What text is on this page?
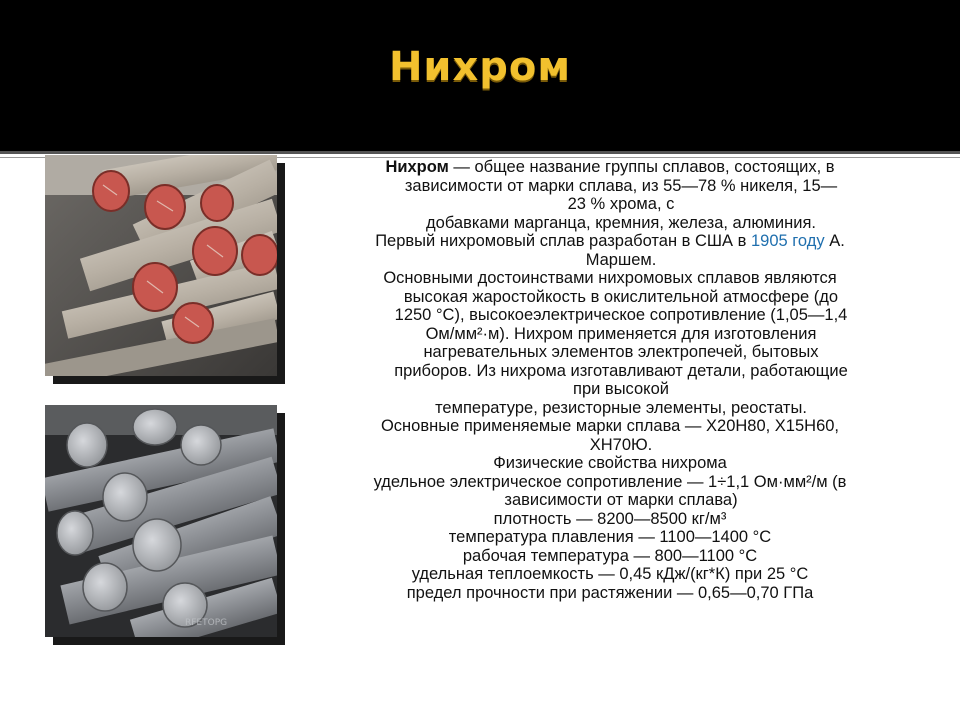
Нихром
RFETOPG

Нихром — общее название группы сплавов, состоящих, в

зависимости от марки сплава, из 55—78 % никеля, 15—

23 % хрома, с

добавками марганца, кремния, железа, алюминия.

Первый нихромовый сплав разработан в США в 1905 году А.

Маршем.

Основными достоинствами нихромовых сплавов являются

высокая жаростойкость в окислительной атмосфере (до

1250 °С), высокоеэлектрическое сопротивление (1,05—1,4

Ом/мм²·м). Нихром применяется для изготовления

нагревательных элементов электропечей, бытовых

приборов. Из нихрома изготавливают детали, работающие

при высокой

температуре, резисторные элементы, реостаты.

Основные применяемые марки сплава — Х20Н80, Х15Н60,

ХН70Ю.

Физические свойства нихрома

удельное электрическое сопротивление — 1÷1,1 Ом·мм²/м (в

зависимости от марки сплава)

плотность — 8200—8500 кг/м³

температура плавления — 1100—1400 °С

рабочая температура — 800—1100 °С

удельная теплоемкость — 0,45 кДж/(кг*К) при 25 °С

предел прочности при растяжении — 0,65—0,70 ГПа
